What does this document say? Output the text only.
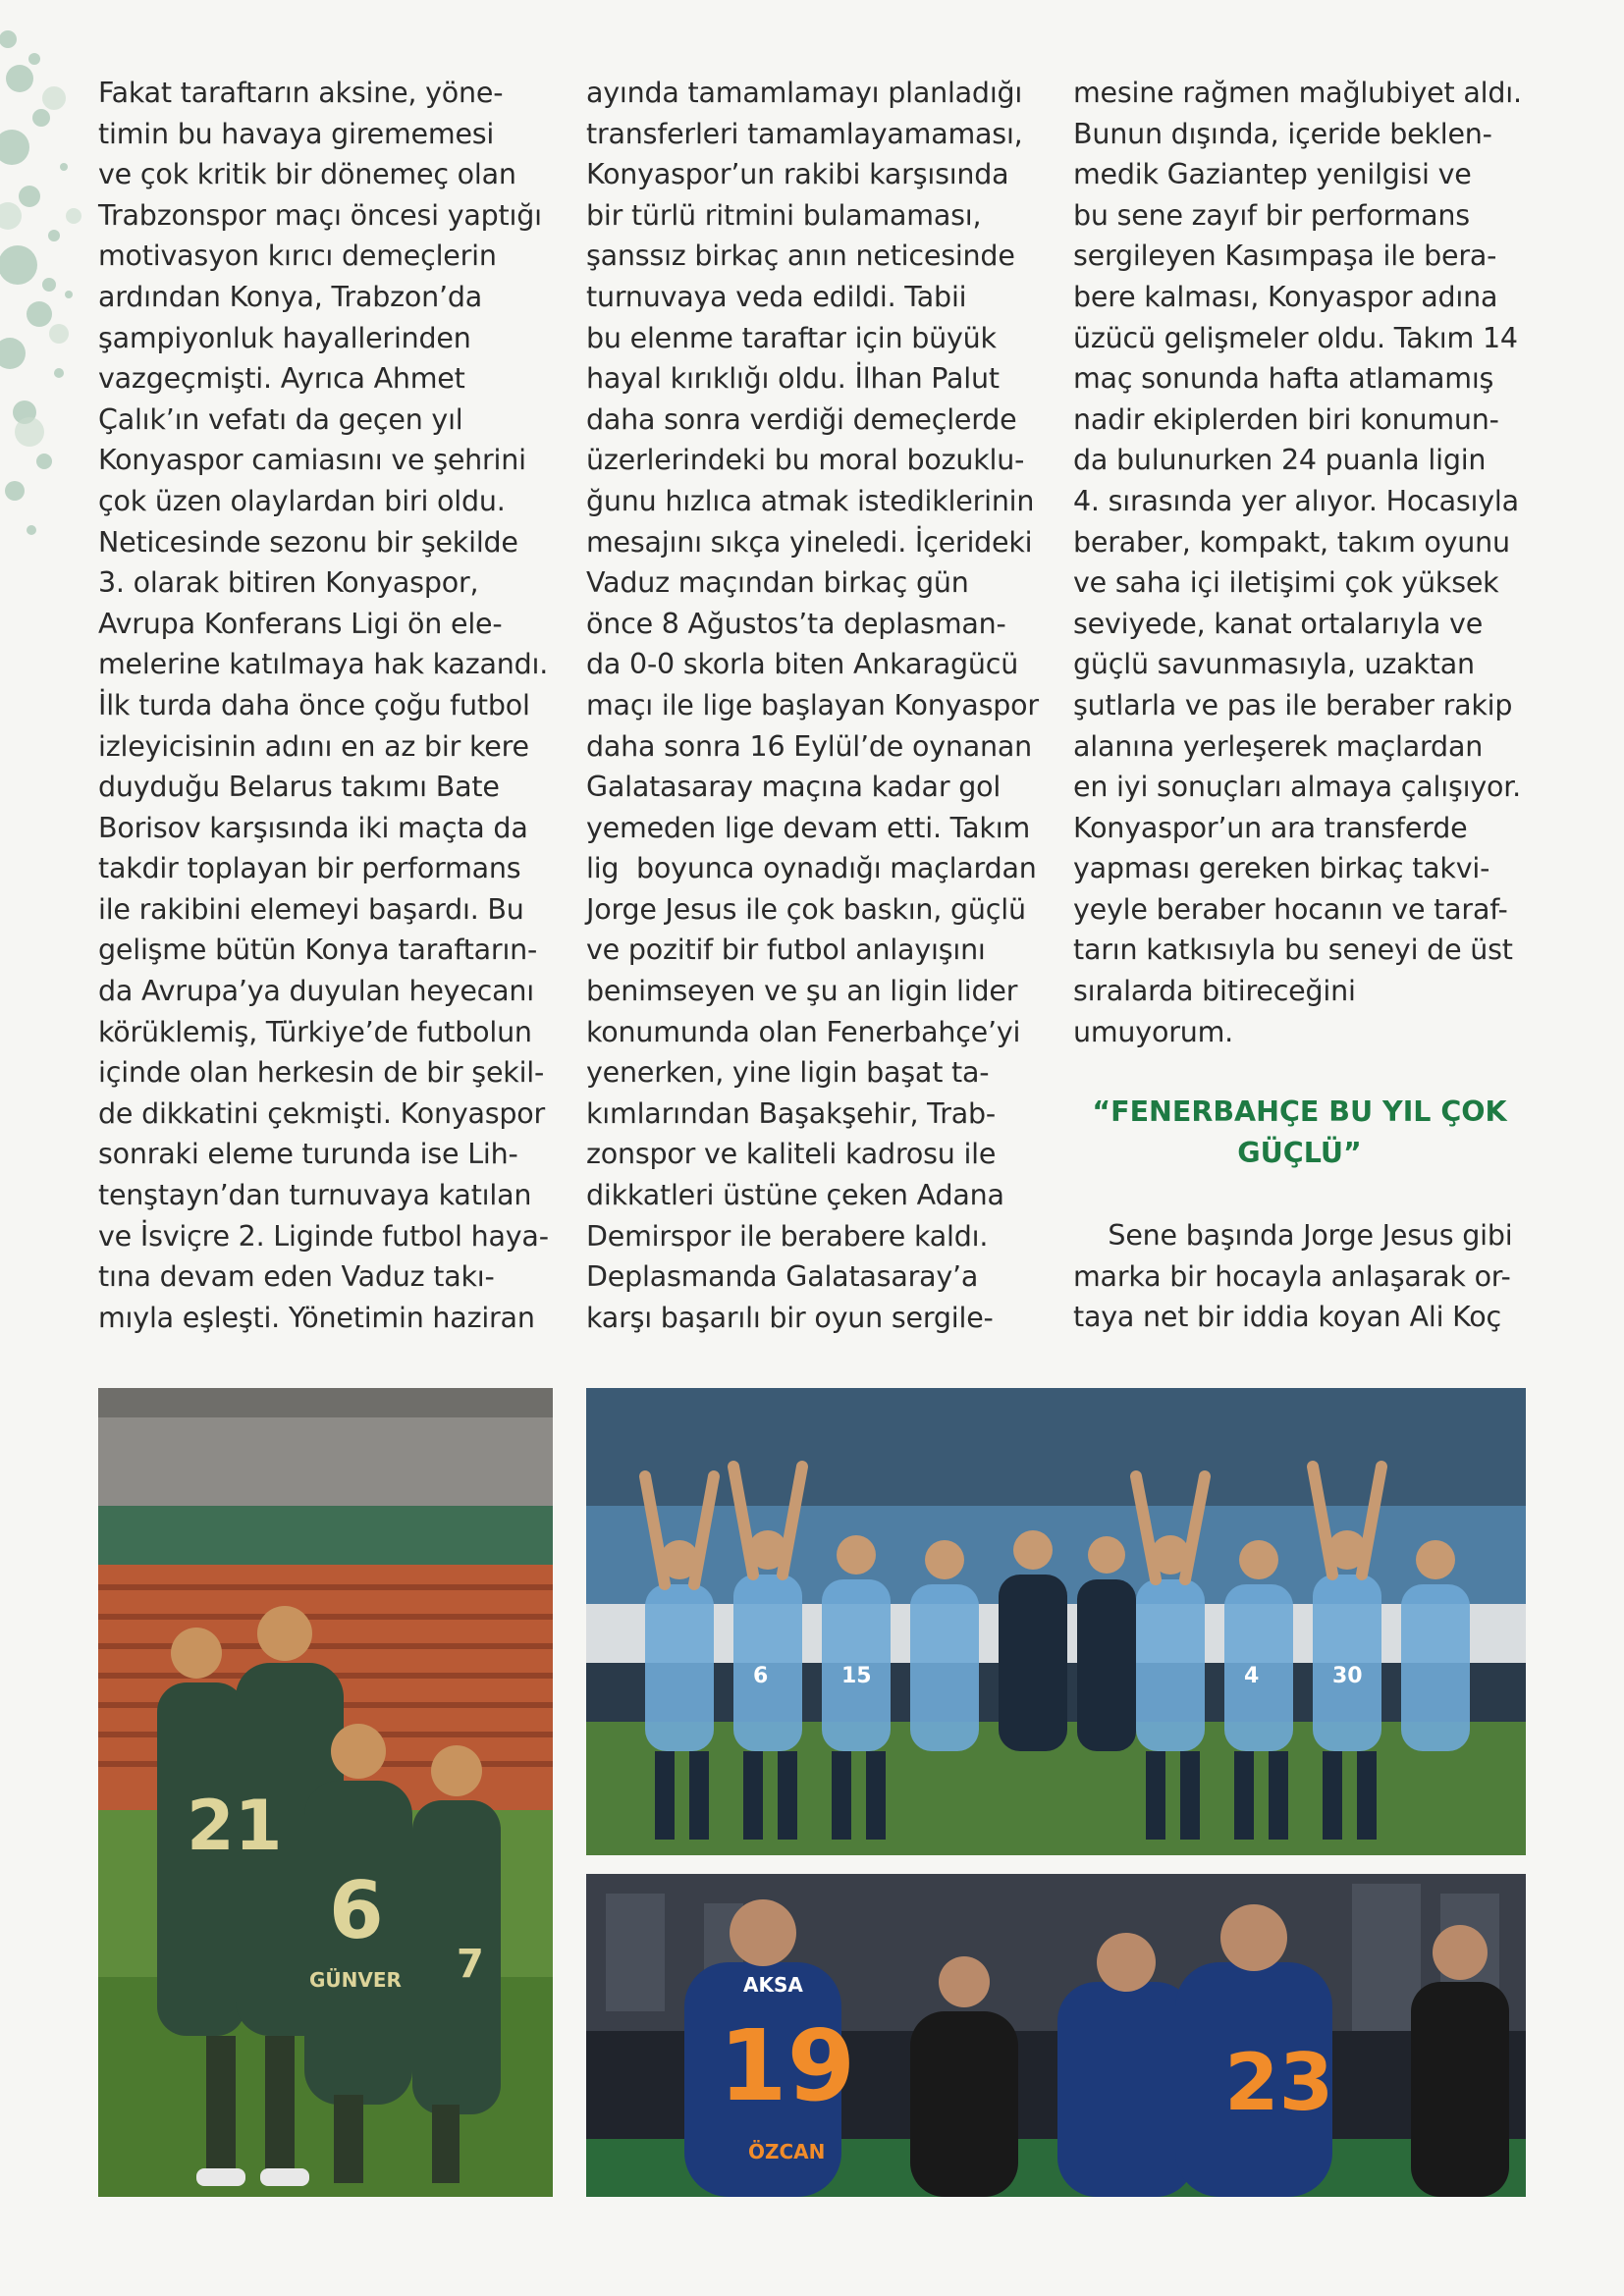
Fakat taraftarın aksine, yöne-
timin bu havaya girememesi
ve çok kritik bir dönemeç olan
Trabzonspor maçı öncesi yaptığı
motivasyon kırıcı demeçlerin
ardından Konya, Trabzon’da
şampiyonluk hayallerinden
vazgeçmişti. Ayrıca Ahmet
Çalık’ın vefatı da geçen yıl
Konyaspor camiasını ve şehrini
çok üzen olaylardan biri oldu.
Neticesinde sezonu bir şekilde
3. olarak bitiren Konyaspor,
Avrupa Konferans Ligi ön ele-
melerine katılmaya hak kazandı.
İlk turda daha önce çoğu futbol
izleyicisinin adını en az bir kere
duyduğu Belarus takımı Bate
Borisov karşısında iki maçta da
takdir toplayan bir performans
ile rakibini elemeyi başardı. Bu
gelişme bütün Konya taraftarın-
da Avrupa’ya duyulan heyecanı
körüklemiş, Türkiye’de futbolun
içinde olan herkesin de bir şekil-
de dikkatini çekmişti. Konyaspor
sonraki eleme turunda ise Lih-
tenştayn’dan turnuvaya katılan
ve İsviçre 2. Liginde futbol haya-
tına devam eden Vaduz takı-
mıyla eşleşti. Yönetimin haziran
ayında tamamlamayı planladığı
transferleri tamamlayamaması,
Konyaspor’un rakibi karşısında
bir türlü ritmini bulamaması,
şanssız birkaç anın neticesinde
turnuvaya veda edildi. Tabii
bu elenme taraftar için büyük
hayal kırıklığı oldu. İlhan Palut
daha sonra verdiği demeçlerde
üzerlerindeki bu moral bozuklu-
ğunu hızlıca atmak istediklerinin
mesajını sıkça yineledi. İçerideki
Vaduz maçından birkaç gün
önce 8 Ağustos’ta deplasman-
da 0-0 skorla biten Ankaragücü
maçı ile lige başlayan Konyaspor
daha sonra 16 Eylül’de oynanan
Galatasaray maçına kadar gol
yemeden lige devam etti. Takım
lig  boyunca oynadığı maçlardan
Jorge Jesus ile çok baskın, güçlü
ve pozitif bir futbol anlayışını
benimseyen ve şu an ligin lider
konumunda olan Fenerbahçe’yi
yenerken, yine ligin başat ta-
kımlarından Başakşehir, Trab-
zonspor ve kaliteli kadrosu ile
dikkatleri üstüne çeken Adana
Demirspor ile berabere kaldı.
Deplasmanda Galatasaray’a
karşı başarılı bir oyun sergile-
mesine rağmen mağlubiyet aldı.
Bunun dışında, içeride beklen-
medik Gaziantep yenilgisi ve
bu sene zayıf bir performans
sergileyen Kasımpaşa ile bera-
bere kalması, Konyaspor adına
üzücü gelişmeler oldu. Takım 14
maç sonunda hafta atlamamış
nadir ekiplerden biri konumun-
da bulunurken 24 puanla ligin
4. sırasında yer alıyor. Hocasıyla
beraber, kompakt, takım oyunu
ve saha içi iletişimi çok yüksek
seviyede, kanat ortalarıyla ve
güçlü savunmasıyla, uzaktan
şutlarla ve pas ile beraber rakip
alanına yerleşerek maçlardan
en iyi sonuçları almaya çalışıyor.
Konyaspor’un ara transferde
yapması gereken birkaç takvi-
yeyle beraber hocanın ve taraf-
tarın katkısıyla bu seneyi de üst
sıralarda bitireceğini
umuyorum.
“FENERBAHÇE BU YIL ÇOK
GÜÇLÜ”
Sene başında Jorge Jesus gibi
marka bir hocayla anlaşarak or-
taya net bir iddia koyan Ali Koç
21
6
GÜNVER 7
6	15	4	30
19	23
ÖZCAN
AKSA
